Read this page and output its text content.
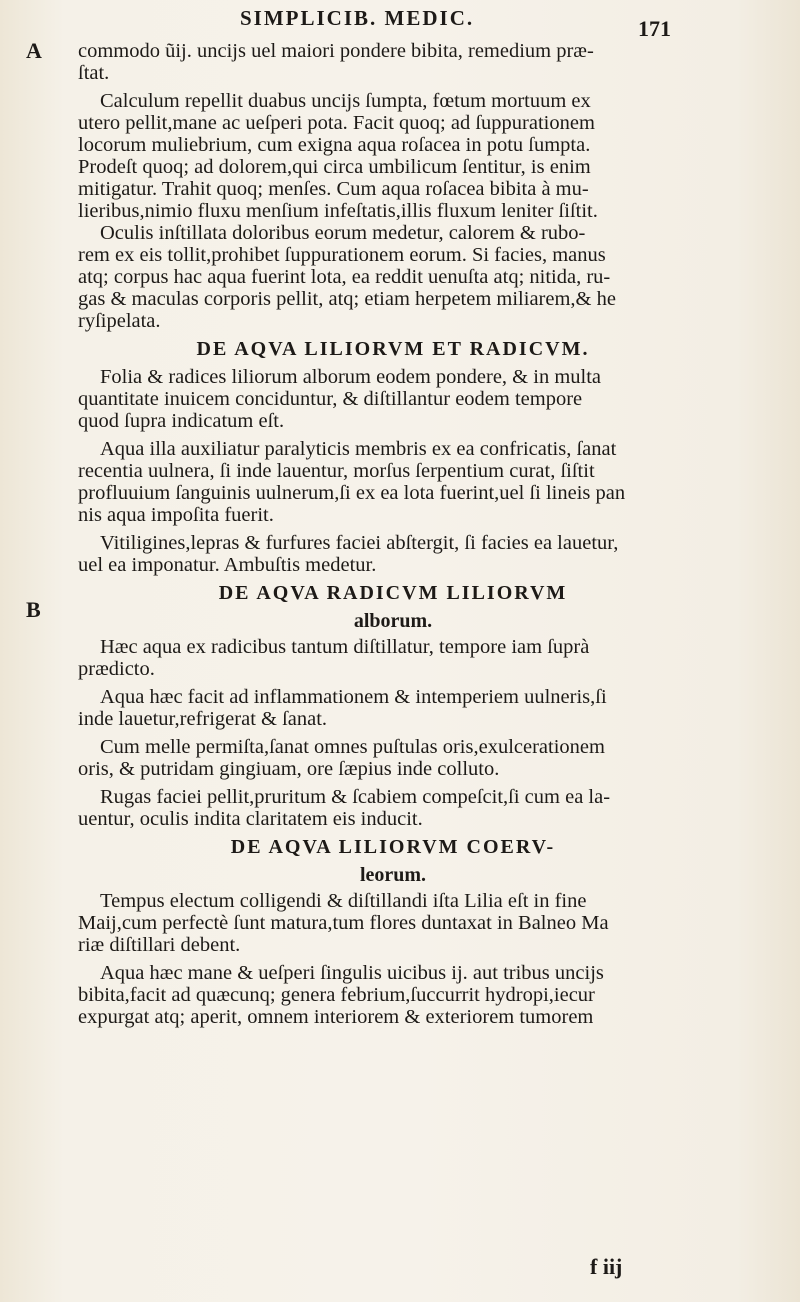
SIMPLICIB. MEDIC.	171
A
B
commodo ũij. uncijs uel maiori pondere bibita, remedium præ-
ſtat.
Calculum repellit duabus uncijs ſumpta, fœtum mortuum ex
utero pellit,mane ac ueſperi pota. Facit quoq; ad ſuppurationem
locorum muliebrium, cum exigna aqua roſacea in potu ſumpta.
Prodeſt quoq; ad dolorem,qui circa umbilicum ſentitur, is enim
mitigatur. Trahit quoq; menſes. Cum aqua roſacea bibita à mu-
lieribus,nimio fluxu menſium infeſtatis,illis fluxum leniter ſiſtit.
Oculis inſtillata doloribus eorum medetur, calorem & rubo-
rem ex eis tollit,prohibet ſuppurationem eorum. Si facies, manus
atq; corpus hac aqua fuerint lota, ea reddit uenuſta atq; nitida, ru-
gas & maculas corporis pellit, atq; etiam herpetem miliarem,& he
ryſipelata.
DE AQVA LILIORVM ET RADICVM.
Folia & radices liliorum alborum eodem pondere, & in multa
quantitate inuicem conciduntur, & diſtillantur eodem tempore
quod ſupra indicatum eſt.
Aqua illa auxiliatur paralyticis membris ex ea confricatis, ſanat
recentia uulnera, ſi inde lauentur, morſus ſerpentium curat, ſiſtit
profluuium ſanguinis uulnerum,ſi ex ea lota fuerint,uel ſi lineis pan
nis aqua impoſita fuerit.
Vitiligines,lepras & furfures faciei abſtergit, ſi facies ea lauetur,
uel ea imponatur. Ambuſtis medetur.
DE AQVA RADICVM LILIORVM
alborum.
Hæc aqua ex radicibus tantum diſtillatur, tempore iam ſuprà
prædicto.
Aqua hæc facit ad inflammationem & intemperiem uulneris,ſi
inde lauetur,refrigerat & ſanat.
Cum melle permiſta,ſanat omnes puſtulas oris,exulcerationem
oris, & putridam gingiuam, ore ſæpius inde colluto.
Rugas faciei pellit,pruritum & ſcabiem compeſcit,ſi cum ea la-
uentur, oculis indita claritatem eis inducit.
DE AQVA LILIORVM COERV-
leorum.
Tempus electum colligendi & diſtillandi iſta Lilia eſt in fine
Maij,cum perfectè ſunt matura,tum flores duntaxat in Balneo Ma
riæ diſtillari debent.
Aqua hæc mane & ueſperi ſingulis uicibus ij. aut tribus uncijs
bibita,facit ad quæcunq; genera febrium,ſuccurrit hydropi,iecur
expurgat atq; aperit, omnem interiorem & exteriorem tumorem
f iij
